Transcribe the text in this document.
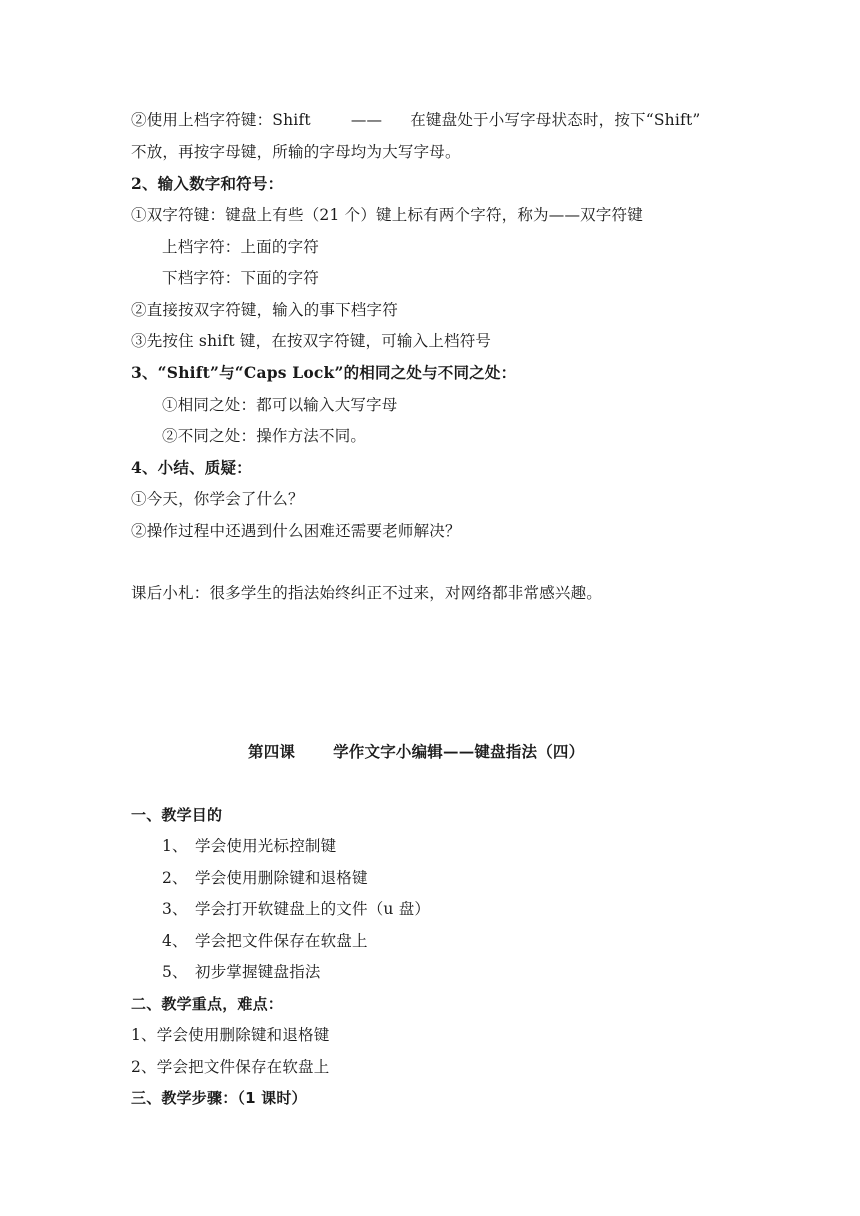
②使用上档字符键：Shift	—— 在键盘处于小写字母状态时，按下“Shift”
不放，再按字母键，所输的字母均为大写字母。
2、输入数字和符号：
①双字符键：键盘上有些（21 个）键上标有两个字符，称为——双字符键
上档字符：上面的字符
下档字符：下面的字符
②直接按双字符键，输入的事下档字符
③先按住 shift 键，在按双字符键，可输入上档符号
3、“Shift”与“Caps Lock”的相同之处与不同之处：
①相同之处：都可以输入大写字母
②不同之处：操作方法不同。
4、小结、质疑：
①今天，你学会了什么？
②操作过程中还遇到什么困难还需要老师解决？
课后小札：很多学生的指法始终纠正不过来，对网络都非常感兴趣。
第四课 学作文字小编辑——键盘指法（四）
一、教学目的
1、 学会使用光标控制键
2、 学会使用删除键和退格键
3、 学会打开软键盘上的文件（u 盘）
4、 学会把文件保存在软盘上
5、 初步掌握键盘指法
二、教学重点，难点：
1、学会使用删除键和退格键
2、学会把文件保存在软盘上
三、教学步骤：（1 课时）
